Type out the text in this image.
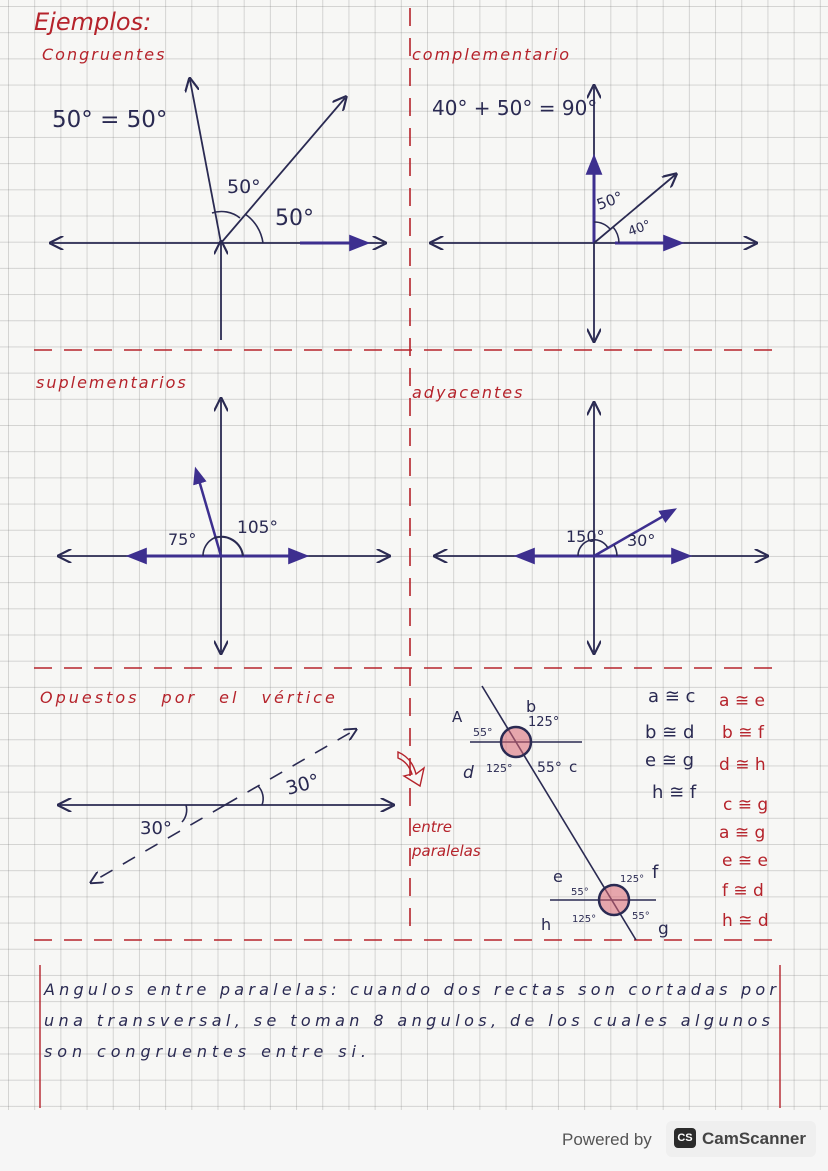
Ejemplos:
Congruentes
50° = 50°
50°
50°
complementario
40° + 50° = 90°
50°
40°
suplementarios
75°
105°
adyacentes
150° 30°
Opuestos por el vértice
30°
30°
entre
paralelas
A
b
d	c
55°
125°
125° 55°
e	f
h	g
55°
125°
125°	55°
a ≅ c
b ≅ d
e ≅ g
h ≅ f
a ≅ e
b ≅ f
d ≅ h
c ≅ g
a ≅ g
e ≅ e
f ≅ d
h ≅ d
Angulos entre paralelas: cuando dos rectas son cortadas por
una transversal, se toman 8 angulos, de los cuales algunos
son congruentes entre si.
Powered by	CS CamScanner
